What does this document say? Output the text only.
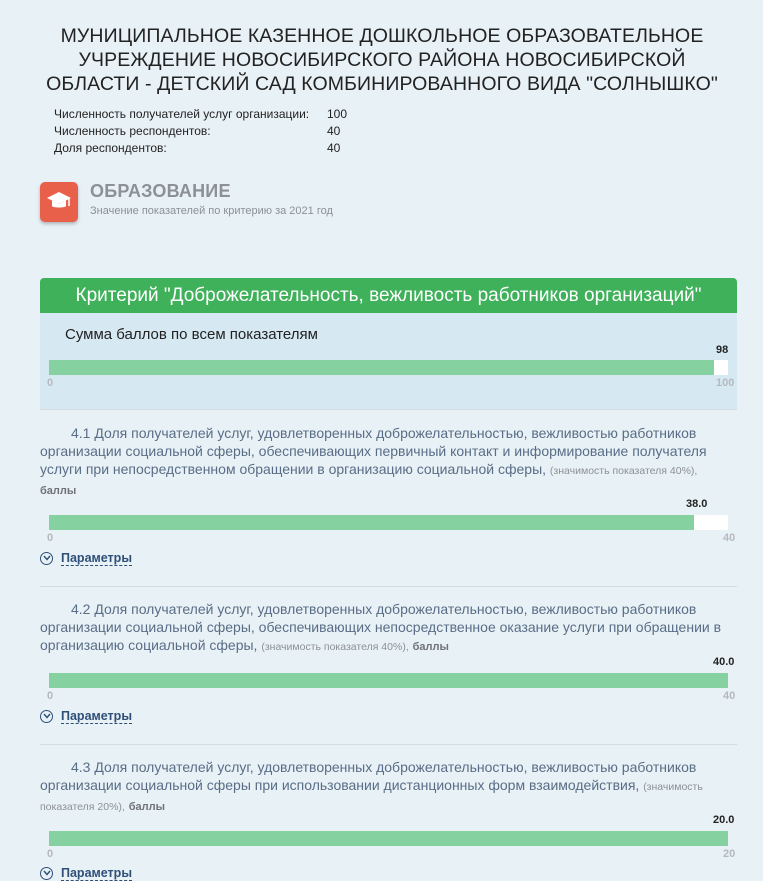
МУНИЦИПАЛЬНОЕ КАЗЕННОЕ ДОШКОЛЬНОЕ ОБРАЗОВАТЕЛЬНОЕ УЧРЕЖДЕНИЕ НОВОСИБИРСКОГО РАЙОНА НОВОСИБИРСКОЙ ОБЛАСТИ - ДЕТСКИЙ САД КОМБИНИРОВАННОГО ВИДА "СОЛНЫШКО"
Численность получателей услуг организации:	100
Численность респондентов:	40
Доля респондентов:	40
ОБРАЗОВАНИЕ
Значение показателей по критерию за 2021 год
Критерий "Доброжелательность, вежливость работников организаций"
Сумма баллов по всем показателям
98
0	100
4.1 Доля получателей услуг, удовлетворенных доброжелательностью, вежливостью работников организации социальной сферы, обеспечивающих первичный контакт и информирование получателя услуги при непосредственном обращении в организацию социальной сферы, (значимость показателя 40%), баллы
38.0
0	40
Параметры
4.2 Доля получателей услуг, удовлетворенных доброжелательностью, вежливостью работников организации социальной сферы, обеспечивающих непосредственное оказание услуги при обращении в организацию социальной сферы, (значимость показателя 40%), баллы
40.0
0	40
Параметры
4.3 Доля получателей услуг, удовлетворенных доброжелательностью, вежливостью работников организации социальной сферы при использовании дистанционных форм взаимодействия, (значимость показателя 20%), баллы
20.0
0	20
Параметры
